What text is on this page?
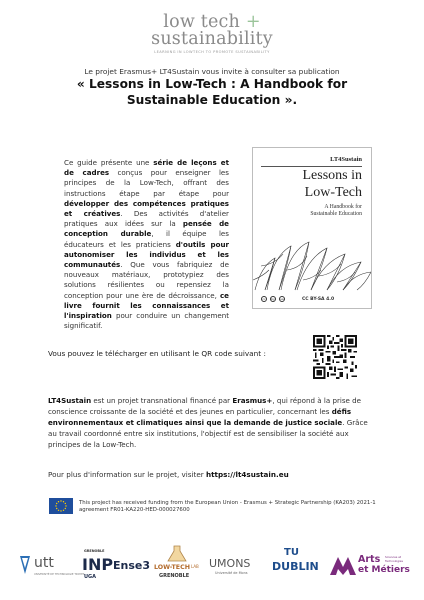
low tech +
sustainability
LEARNING IN LOWTECH TO PROMOTE SUSTAINABILITY
Le projet Erasmus+ LT4Sustain vous invite à consulter sa publication
« Lessons in Low-Tech : A Handbook for
Sustainable Education ».

Ce guide présente une série de leçons et de cadres conçus pour enseigner les principes de la Low-Tech, offrant des instructions étape par étape pour développer des compétences pratiques et créatives. Des activités d'atelier pratiques aux idées sur la pensée de conception durable, il équipe les éducateurs et les praticiens d'outils pour autonomiser les individus et les communautés. Que vous fabriquiez de nouveaux matériaux, prototypiez des solutions résilientes ou repensiez la conception pour une ère de décroissance, ce livre fournit les connaissances et l'inspiration pour conduire un changement significatif.

LT4Sustain
Lessons in
Low-Tech
A Handbook for
Sustainable Education
cc	by	sa	CC BY-SA 4.0
Vous pouvez le télécharger en utilisant le QR code suivant :

LT4Sustain est un projet transnational financé par Erasmus+, qui répond à la prise de conscience croissante de la société et des jeunes en particulier, concernant les défis environnementaux et climatiques ainsi que la demande de justice sociale. Grâce au travail coordonné entre six institutions, l'objectif est de sensibiliser la société aux principes de la Low-Tech.

Pour plus d'information sur le projet, visiter https://lt4sustain.eu

This project has received funding from the European Union - Erasmus + Strategic Partnership (KA203) 2021-1 agreement FR01-KA220-HED-000027600
utt
UNIVERSITÉ DE TECHNOLOGIE TROYES
GRENOBLE
INP Ense3
UGA
LOW-TECH LAB
GRENOBLE
UMONS
Université de Mons
TU
DUBLIN
Arts
et Métiers
Sciences et
Technologies
